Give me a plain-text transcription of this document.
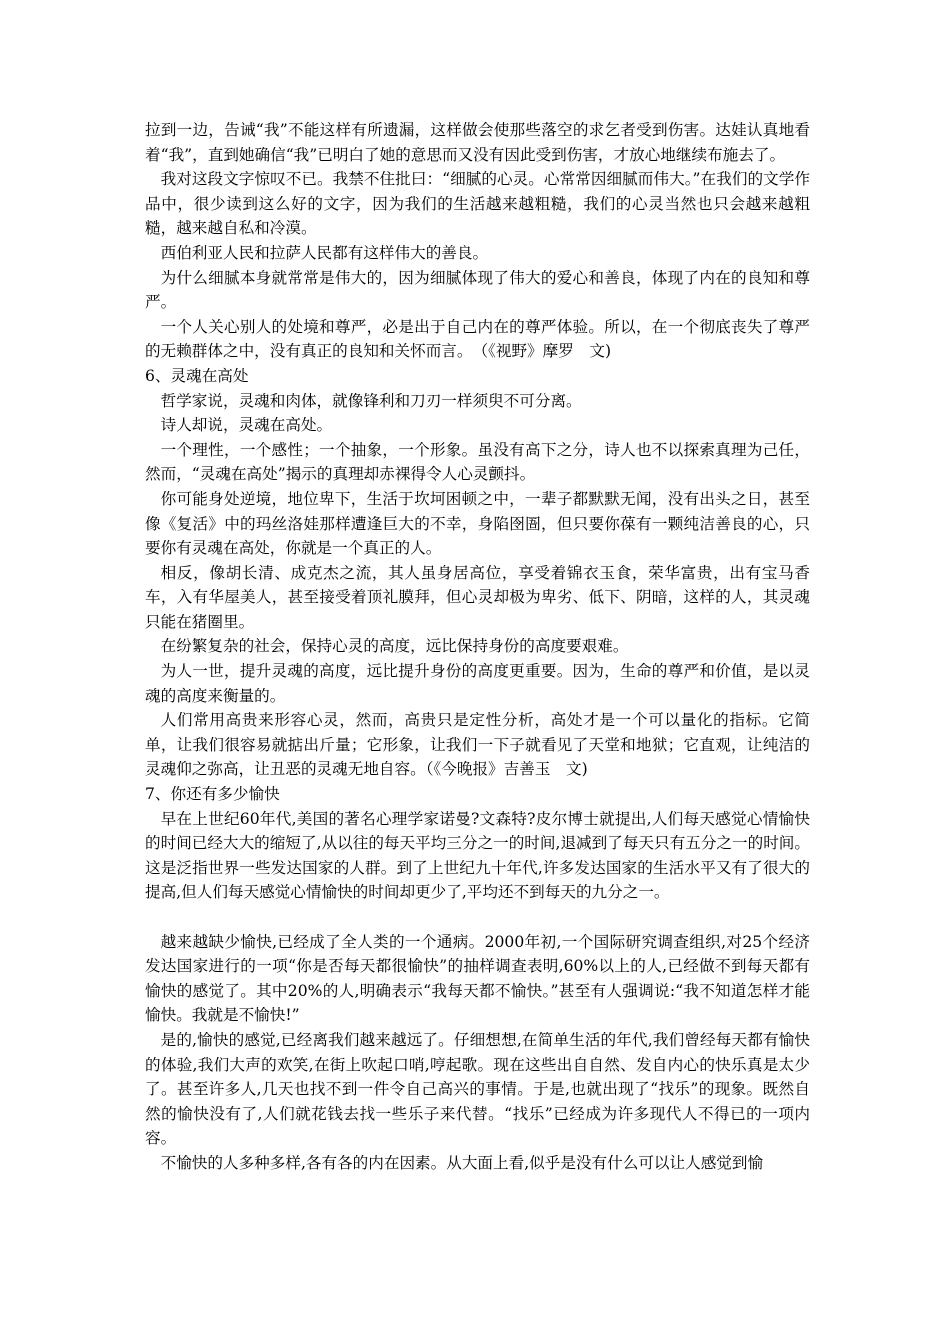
拉到一边，告诫“我”不能这样有所遗漏，这样做会使那些落空的求乞者受到伤害。达娃认真地看着“我”，直到她确信“我”已明白了她的意思而又没有因此受到伤害，才放心地继续布施去了。

我对这段文字惊叹不已。我禁不住批曰：“细腻的心灵。心常常因细腻而伟大。”在我们的文学作品中，很少读到这么好的文字，因为我们的生活越来越粗糙，我们的心灵当然也只会越来越粗糙，越来越自私和冷漠。

西伯利亚人民和拉萨人民都有这样伟大的善良。

为什么细腻本身就常常是伟大的，因为细腻体现了伟大的爱心和善良，体现了内在的良知和尊严。

一个人关心别人的处境和尊严，必是出于自己内在的尊严体验。所以，在一个彻底丧失了尊严的无赖群体之中，没有真正的良知和关怀而言。　（《视野》摩罗　文)

6、灵魂在高处

哲学家说，灵魂和肉体，就像锋利和刀刃一样须臾不可分离。

诗人却说，灵魂在高处。

一个理性，一个感性；一个抽象，一个形象。虽没有高下之分，诗人也不以探索真理为己任，然而，“灵魂在高处”揭示的真理却赤裸得令人心灵颤抖。

你可能身处逆境，地位卑下，生活于坎坷困顿之中，一辈子都默默无闻，没有出头之日，甚至像《复活》中的玛丝洛娃那样遭逢巨大的不幸，身陷囹圄，但只要你葆有一颗纯洁善良的心，只要你有灵魂在高处，你就是一个真正的人。

相反，像胡长清、成克杰之流，其人虽身居高位，享受着锦衣玉食，荣华富贵，出有宝马香车，入有华屋美人，甚至接受着顶礼膜拜，但心灵却极为卑劣、低下、阴暗，这样的人，其灵魂只能在猪圈里。

在纷繁复杂的社会，保持心灵的高度，远比保持身份的高度要艰难。

为人一世，提升灵魂的高度，远比提升身份的高度更重要。因为，生命的尊严和价值，是以灵魂的高度来衡量的。

人们常用高贵来形容心灵，然而，高贵只是定性分析，高处才是一个可以量化的指标。它简单，让我们很容易就掂出斤量；它形象，让我们一下子就看见了天堂和地狱；它直观，让纯洁的灵魂仰之弥高，让丑恶的灵魂无地自容。（《今晚报》吉善玉　文)

7、你还有多少愉快

早在上世纪60年代,美国的著名心理学家诺曼?文森特?皮尔博士就提出,人们每天感觉心情愉快的时间已经大大的缩短了,从以往的每天平均三分之一的时间,退减到了每天只有五分之一的时间。这是泛指世界一些发达国家的人群。到了上世纪九十年代,许多发达国家的生活水平又有了很大的提高,但人们每天感觉心情愉快的时间却更少了,平均还不到每天的九分之一。

越来越缺少愉快,已经成了全人类的一个通病。2000年初,一个国际研究调查组织,对25个经济发达国家进行的一项“你是否每天都很愉快”的抽样调查表明,60%以上的人,已经做不到每天都有愉快的感觉了。其中20%的人,明确表示“我每天都不愉快。”甚至有人强调说:“我不知道怎样才能愉快。我就是不愉快!”

是的,愉快的感觉,已经离我们越来越远了。仔细想想,在简单生活的年代,我们曾经每天都有愉快的体验,我们大声的欢笑,在街上吹起口哨,哼起歌。现在这些出自自然、发自内心的快乐真是太少了。甚至许多人,几天也找不到一件令自己高兴的事情。于是,也就出现了“找乐”的现象。既然自然的愉快没有了,人们就花钱去找一些乐子来代替。“找乐”已经成为许多现代人不得已的一项内容。

不愉快的人多种多样,各有各的内在因素。从大面上看,似乎是没有什么可以让人感觉到愉
